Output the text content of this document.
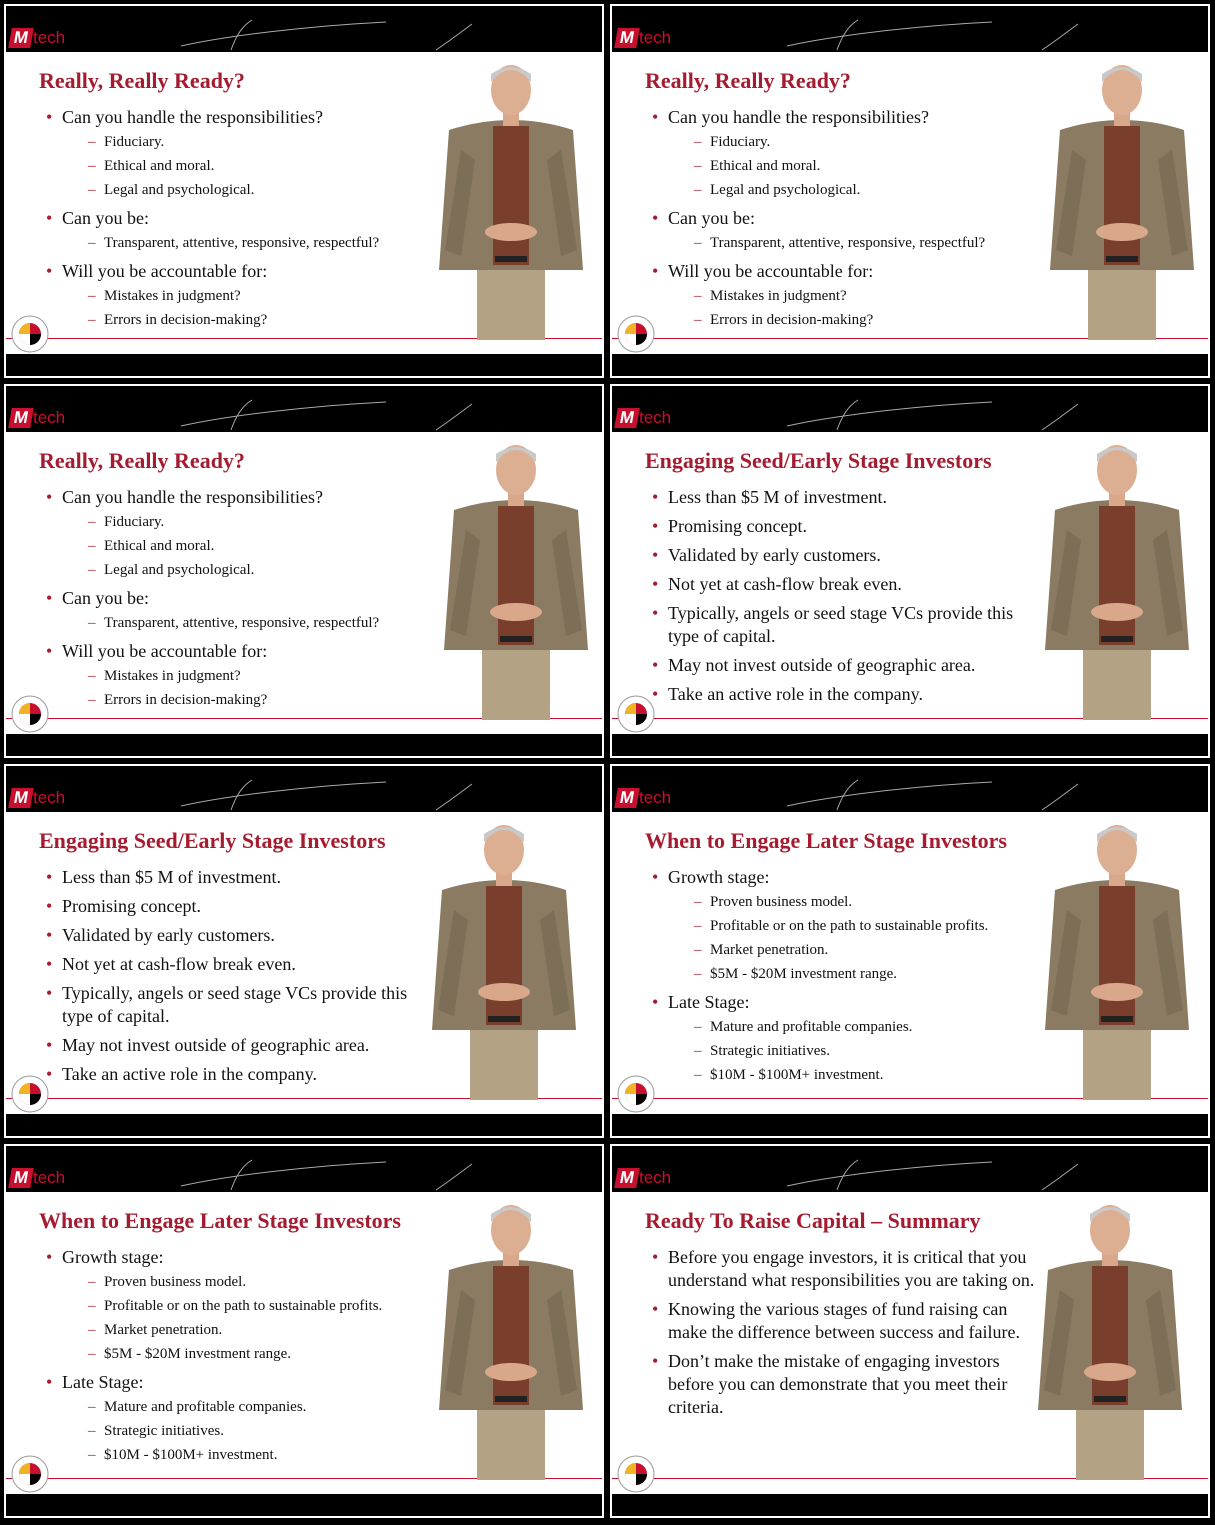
M tech
Really, Really Ready?
• Can you handle the responsibilities?
– Fiduciary.
– Ethical and moral.
– Legal and psychological.
• Can you be:
– Transparent, attentive, responsive, respectful?
• Will you be accountable for:
– Mistakes in judgment?
– Errors in decision-making?
M tech
Really, Really Ready?
• Can you handle the responsibilities?
– Fiduciary.
– Ethical and moral.
– Legal and psychological.
• Can you be:
– Transparent, attentive, responsive, respectful?
• Will you be accountable for:
– Mistakes in judgment?
– Errors in decision-making?
M tech
Really, Really Ready?
• Can you handle the responsibilities?
– Fiduciary.
– Ethical and moral.
– Legal and psychological.
• Can you be:
– Transparent, attentive, responsive, respectful?
• Will you be accountable for:
– Mistakes in judgment?
– Errors in decision-making?
M tech
Engaging Seed/Early Stage Investors
• Less than $5 M of investment.
• Promising concept.
• Validated by early customers.
• Not yet at cash-flow break even.
• Typically, angels or seed stage VCs provide this type of capital.
• May not invest outside of geographic area.
• Take an active role in the company.
M tech
Engaging Seed/Early Stage Investors
• Less than $5 M of investment.
• Promising concept.
• Validated by early customers.
• Not yet at cash-flow break even.
• Typically, angels or seed stage VCs provide this type of capital.
• May not invest outside of geographic area.
• Take an active role in the company.
M tech
When to Engage Later Stage Investors
• Growth stage:
– Proven business model.
– Profitable or on the path to sustainable profits.
– Market penetration.
– $5M - $20M investment range.
• Late Stage:
– Mature and profitable companies.
– Strategic initiatives.
– $10M - $100M+ investment.
M tech
When to Engage Later Stage Investors
• Growth stage:
– Proven business model.
– Profitable or on the path to sustainable profits.
– Market penetration.
– $5M - $20M investment range.
• Late Stage:
– Mature and profitable companies.
– Strategic initiatives.
– $10M - $100M+ investment.
M tech
Ready To Raise Capital – Summary
• Before you engage investors, it is critical that you understand what responsibilities you are taking on.
• Knowing the various stages of fund raising can make the difference between success and failure.
• Don’t make the mistake of engaging investors before you can demonstrate that you meet their criteria.
